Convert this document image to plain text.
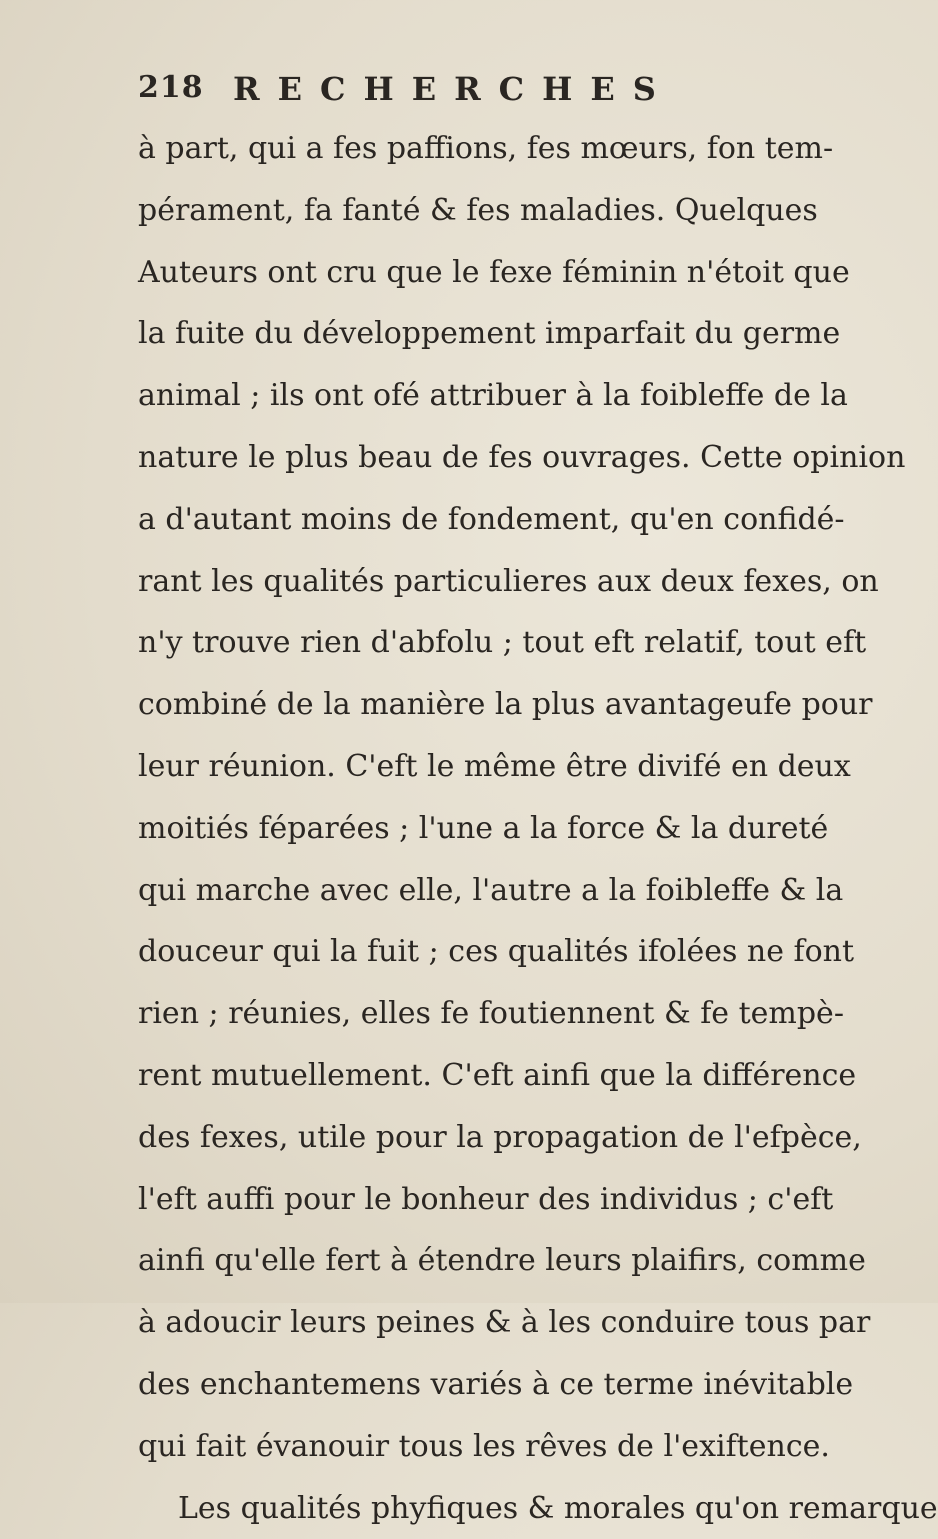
218 RECHERCHES
à part, qui a fes paffions, fes mœurs, fon tem-
pérament, fa fanté & fes maladies. Quelques
Auteurs ont cru que le fexe féminin n'étoit que
la fuite du développement imparfait du germe
animal ; ils ont ofé attribuer à la foibleffe de la
nature le plus beau de fes ouvrages. Cette opinion
a d'autant moins de fondement, qu'en confidé-
rant les qualités particulieres aux deux fexes, on
n'y trouve rien d'abfolu ; tout eft relatif, tout eft
combiné de la manière la plus avantageufe pour
leur réunion. C'eft le même être divifé en deux
moitiés féparées ; l'une a la force & la dureté
qui marche avec elle, l'autre a la foibleffe & la
douceur qui la fuit ; ces qualités ifolées ne font
rien ; réunies, elles fe foutiennent & fe tempè-
rent mutuellement. C'eft ainfi que la différence
des fexes, utile pour la propagation de l'efpèce,
l'eft auffi pour le bonheur des individus ; c'eft
ainfi qu'elle fert à étendre leurs plaifirs, comme
à adoucir leurs peines & à les conduire tous par
des enchantemens variés à ce terme inévitable
qui fait évanouir tous les rêves de l'exiftence.
Les qualités phyfiques & morales qu'on remarque
